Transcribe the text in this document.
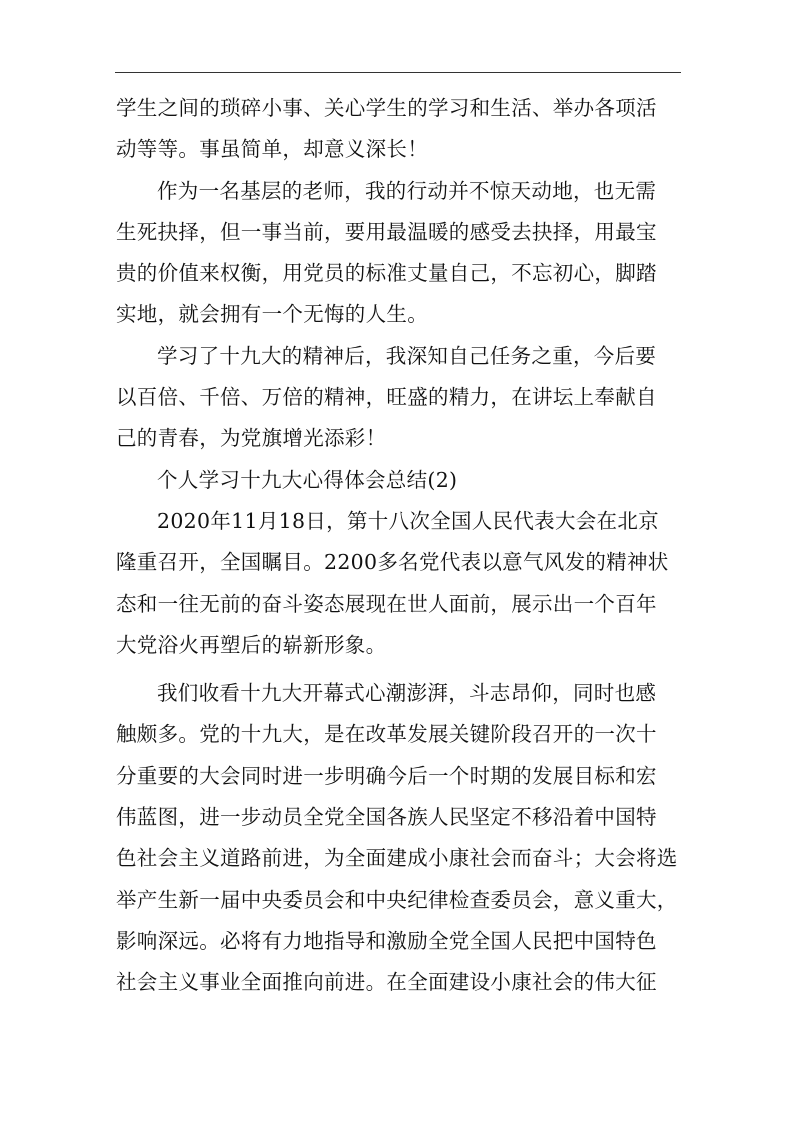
学生之间的琐碎小事、关心学生的学习和生活、举办各项活
动等等。事虽简单，却意义深长！
作为一名基层的老师，我的行动并不惊天动地，也无需
生死抉择，但一事当前，要用最温暖的感受去抉择，用最宝
贵的价值来权衡，用党员的标准丈量自己，不忘初心，脚踏
实地，就会拥有一个无悔的人生。
学习了十九大的精神后，我深知自己任务之重，今后要
以百倍、千倍、万倍的精神，旺盛的精力，在讲坛上奉献自
己的青春，为党旗增光添彩！
个人学习十九大心得体会总结(2)
2020年11月18日，第十八次全国人民代表大会在北京
隆重召开，全国瞩目。2200多名党代表以意气风发的精神状
态和一往无前的奋斗姿态展现在世人面前，展示出一个百年
大党浴火再塑后的崭新形象。
我们收看十九大开幕式心潮澎湃，斗志昂仰，同时也感
触颇多。党的十九大，是在改革发展关键阶段召开的一次十
分重要的大会同时进一步明确今后一个时期的发展目标和宏
伟蓝图，进一步动员全党全国各族人民坚定不移沿着中国特
色社会主义道路前进，为全面建成小康社会而奋斗；大会将选
举产生新一届中央委员会和中央纪律检查委员会，意义重大，
影响深远。必将有力地指导和激励全党全国人民把中国特色
社会主义事业全面推向前进。在全面建设小康社会的伟大征
